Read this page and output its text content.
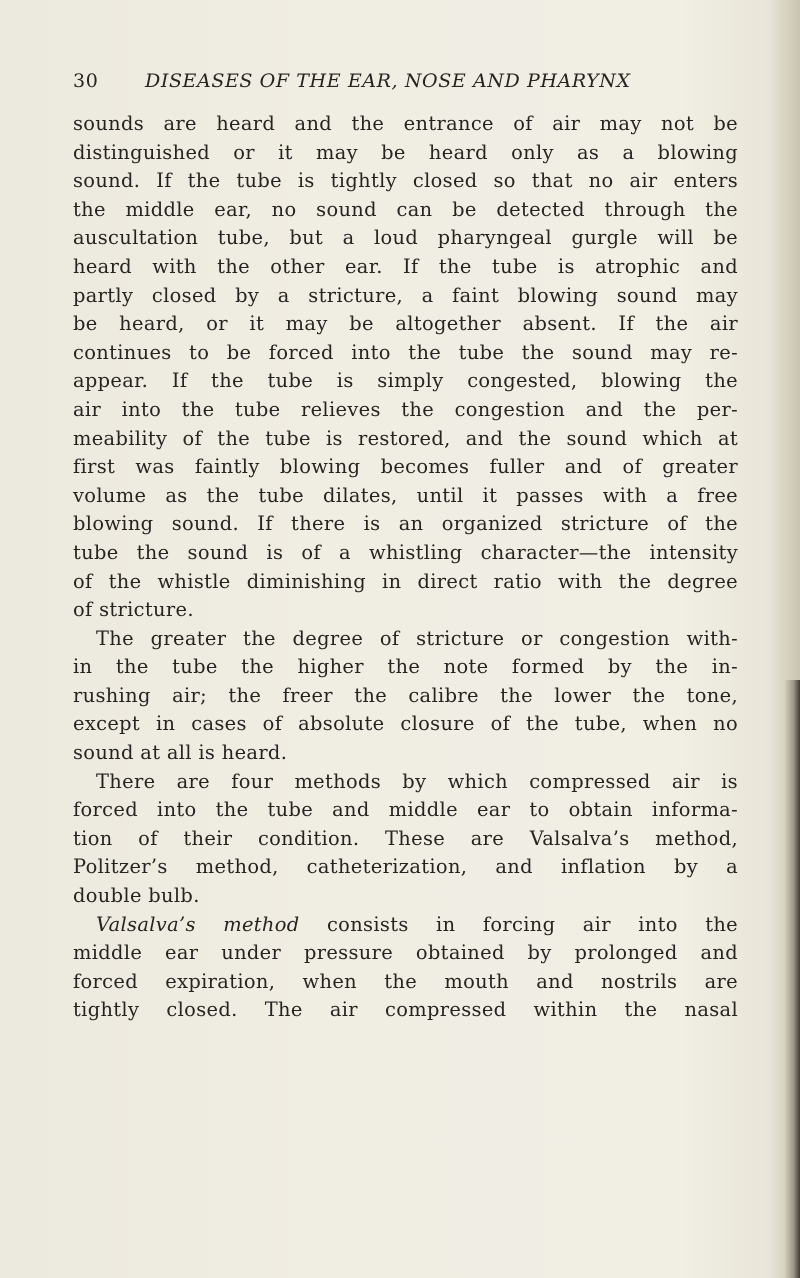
30 DISEASES OF THE EAR, NOSE AND PHARYNX
sounds are heard and the entrance of air may not be
distinguished or it may be heard only as a blowing
sound. If the tube is tightly closed so that no air enters
the middle ear, no sound can be detected through the
auscultation tube, but a loud pharyngeal gurgle will be
heard with the other ear. If the tube is atrophic and
partly closed by a stricture, a faint blowing sound may
be heard, or it may be altogether absent. If the air
continues to be forced into the tube the sound may re-
appear. If the tube is simply congested, blowing the
air into the tube relieves the congestion and the per-
meability of the tube is restored, and the sound which at
first was faintly blowing becomes fuller and of greater
volume as the tube dilates, until it passes with a free
blowing sound. If there is an organized stricture of the
tube the sound is of a whistling character—the intensity
of the whistle diminishing in direct ratio with the degree
of stricture.
The greater the degree of stricture or congestion with-
in the tube the higher the note formed by the in-
rushing air; the freer the calibre the lower the tone,
except in cases of absolute closure of the tube, when no
sound at all is heard.
There are four methods by which compressed air is
forced into the tube and middle ear to obtain informa-
tion of their condition. These are Valsalva’s method,
Politzer’s method, catheterization, and inflation by a
double bulb.
Valsalva’s method consists in forcing air into the
middle ear under pressure obtained by prolonged and
forced expiration, when the mouth and nostrils are
tightly closed. The air compressed within the nasal
